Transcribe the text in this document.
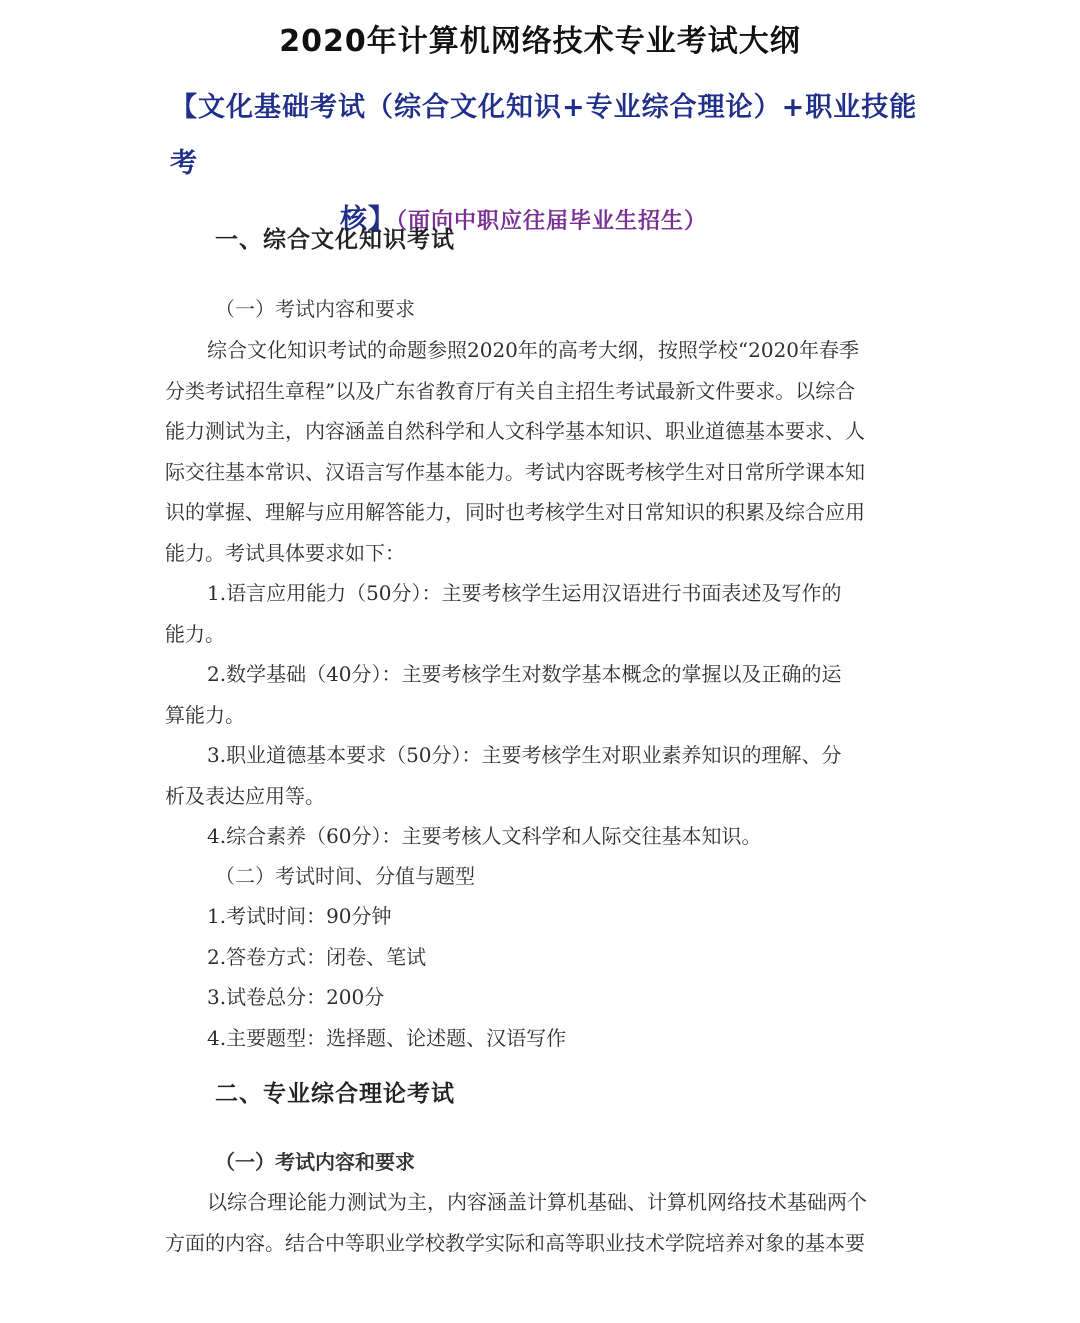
2020年计算机网络技术专业考试大纲
【文化基础考试（综合文化知识+专业综合理论）+职业技能考
核】（面向中职应往届毕业生招生）
一、综合文化知识考试
（一）考试内容和要求
综合文化知识考试的命题参照2020年的高考大纲，按照学校“2020年春季
分类考试招生章程”以及广东省教育厅有关自主招生考试最新文件要求。以综合
能力测试为主，内容涵盖自然科学和人文科学基本知识、职业道德基本要求、人
际交往基本常识、汉语言写作基本能力。考试内容既考核学生对日常所学课本知
识的掌握、理解与应用解答能力，同时也考核学生对日常知识的积累及综合应用
能力。考试具体要求如下：
1.语言应用能力（50分）：主要考核学生运用汉语进行书面表述及写作的
能力。
2.数学基础（40分）：主要考核学生对数学基本概念的掌握以及正确的运
算能力。
3.职业道德基本要求（50分）：主要考核学生对职业素养知识的理解、分
析及表达应用等。
4.综合素养（60分）：主要考核人文科学和人际交往基本知识。
（二）考试时间、分值与题型
1.考试时间：90分钟
2.答卷方式：闭卷、笔试
3.试卷总分：200分
4.主要题型：选择题、论述题、汉语写作
二、专业综合理论考试
（一）考试内容和要求
以综合理论能力测试为主，内容涵盖计算机基础、计算机网络技术基础两个
方面的内容。结合中等职业学校教学实际和高等职业技术学院培养对象的基本要
